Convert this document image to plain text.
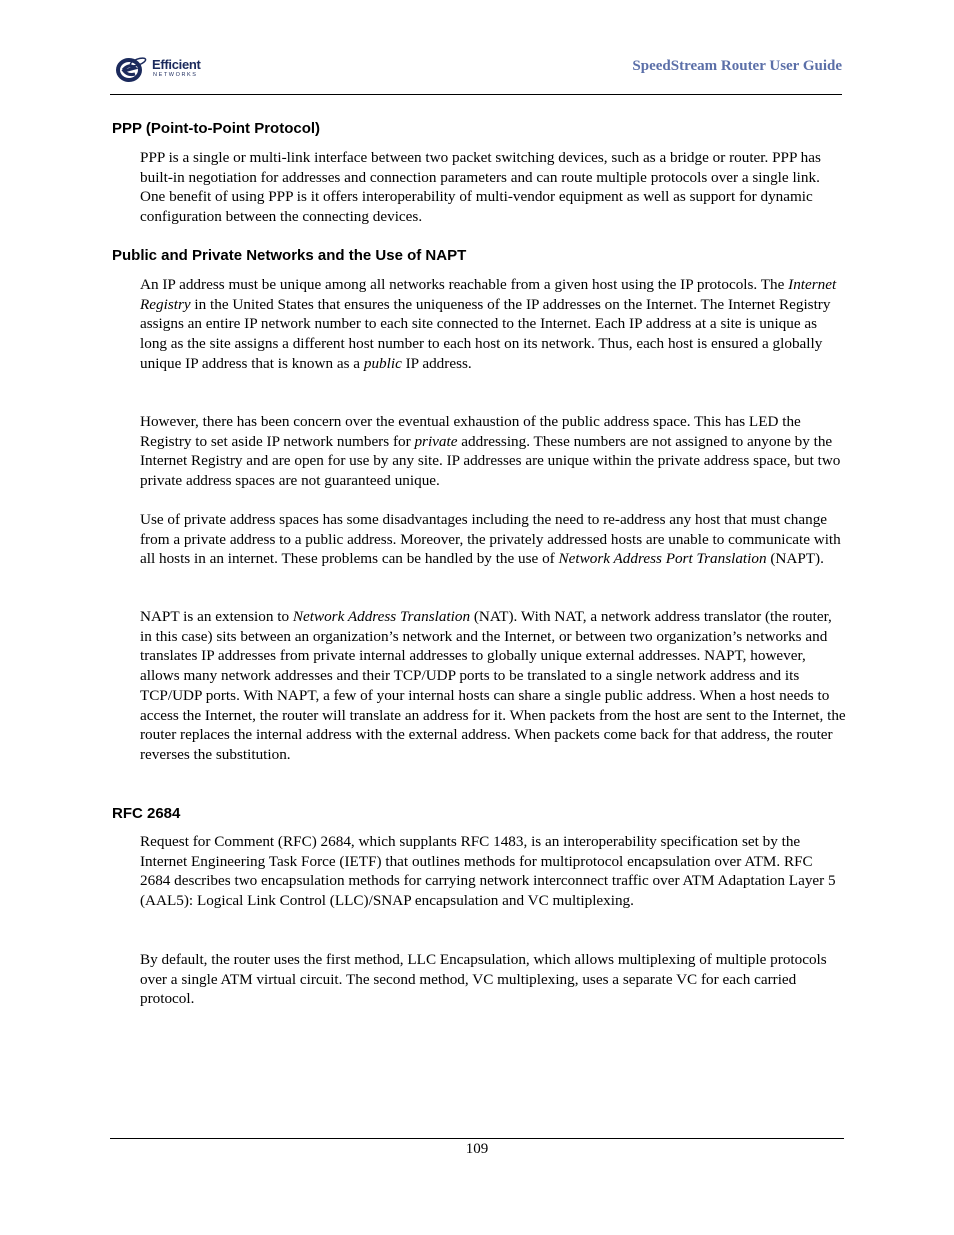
Efficient
NETWORKS
SpeedStream Router User Guide
PPP (Point-to-Point Protocol)

PPP is a single or multi-link interface between two packet switching devices, such as a bridge or router. PPP has built-in negotiation for addresses and connection parameters and can route multiple protocols over a single link. One benefit of using PPP is it offers interoperability of multi-vendor equipment as well as support for dynamic configuration between the connecting devices.

Public and Private Networks and the Use of NAPT

An IP address must be unique among all networks reachable from a given host using the IP protocols. The Internet Registry in the United States that ensures the uniqueness of the IP addresses on the Internet. The Internet Registry assigns an entire IP network number to each site connected to the Internet. Each IP address at a site is unique as long as the site assigns a different host number to each host on its network. Thus, each host is ensured a globally unique IP address that is known as a public IP address.

However, there has been concern over the eventual exhaustion of the public address space. This has LED the Registry to set aside IP network numbers for private addressing. These numbers are not assigned to anyone by the Internet Registry and are open for use by any site. IP addresses are unique within the private address space, but two private address spaces are not guaranteed unique.

Use of private address spaces has some disadvantages including the need to re-address any host that must change from a private address to a public address. Moreover, the privately addressed hosts are unable to communicate with all hosts in an internet. These problems can be handled by the use of Network Address Port Translation (NAPT).

NAPT is an extension to Network Address Translation (NAT). With NAT, a network address translator (the router, in this case) sits between an organization’s network and the Internet, or between two organization’s networks and translates IP addresses from private internal addresses to globally unique external addresses. NAPT, however, allows many network addresses and their TCP/UDP ports to be translated to a single network address and its TCP/UDP ports. With NAPT, a few of your internal hosts can share a single public address. When a host needs to access the Internet, the router will translate an address for it. When packets from the host are sent to the Internet, the router replaces the internal address with the external address. When packets come back for that address, the router reverses the substitution.

RFC 2684

Request for Comment (RFC) 2684, which supplants RFC 1483, is an interoperability specification set by the Internet Engineering Task Force (IETF) that outlines methods for multiprotocol encapsulation over ATM. RFC 2684 describes two encapsulation methods for carrying network interconnect traffic over ATM Adaptation Layer 5 (AAL5): Logical Link Control (LLC)/SNAP encapsulation and VC multiplexing.

By default, the router uses the first method, LLC Encapsulation, which allows multiplexing of multiple protocols over a single ATM virtual circuit. The second method, VC multiplexing, uses a separate VC for each carried protocol.

109
